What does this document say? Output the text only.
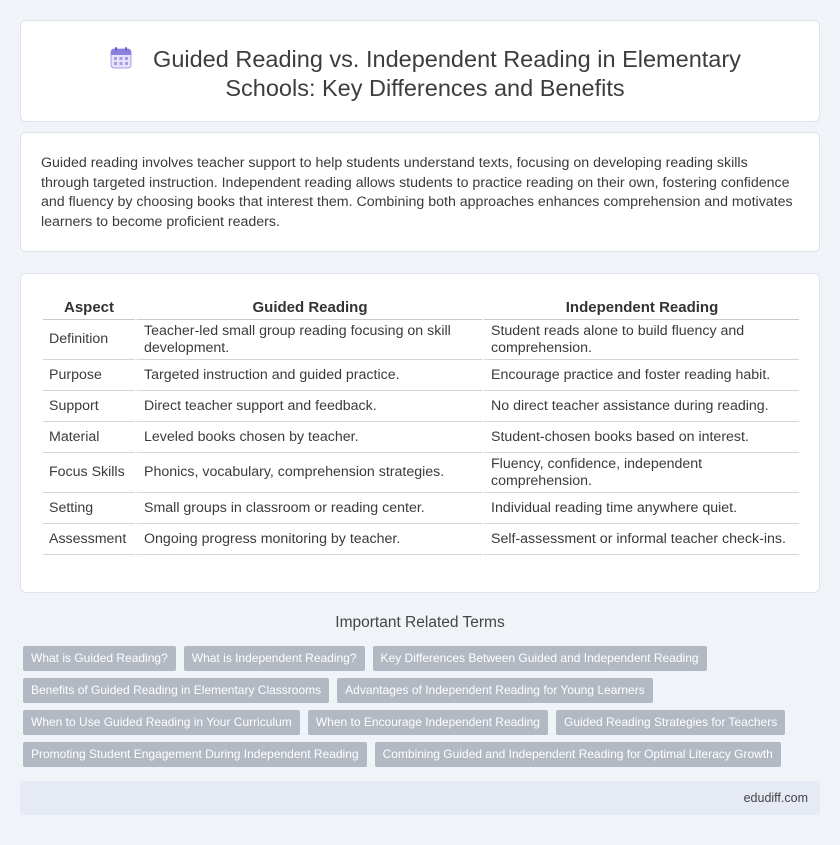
Guided Reading vs. Independent Reading in Elementary Schools: Key Differences and Benefits

Guided reading involves teacher support to help students understand texts, focusing on developing reading skills through targeted instruction. Independent reading allows students to practice reading on their own, fostering confidence and fluency by choosing books that interest them. Combining both approaches enhances comprehension and motivates learners to become proficient readers.

Aspect	Guided Reading	Independent Reading
Definition	Teacher-led small group reading focusing on skill development.	Student reads alone to build fluency and comprehension.
Purpose	Targeted instruction and guided practice.	Encourage practice and foster reading habit.
Support	Direct teacher support and feedback.	No direct teacher assistance during reading.
Material	Leveled books chosen by teacher.	Student-chosen books based on interest.
Focus Skills	Phonics, vocabulary, comprehension strategies.	Fluency, confidence, independent comprehension.
Setting	Small groups in classroom or reading center.	Individual reading time anywhere quiet.
Assessment	Ongoing progress monitoring by teacher.	Self-assessment or informal teacher check-ins.
Important Related Terms
What is Guided Reading?	What is Independent Reading?	Key Differences Between Guided and Independent Reading
Benefits of Guided Reading in Elementary Classrooms	Advantages of Independent Reading for Young Learners
When to Use Guided Reading in Your Curriculum	When to Encourage Independent Reading	Guided Reading Strategies for Teachers
Promoting Student Engagement During Independent Reading	Combining Guided and Independent Reading for Optimal Literacy Growth
edudiff.com
